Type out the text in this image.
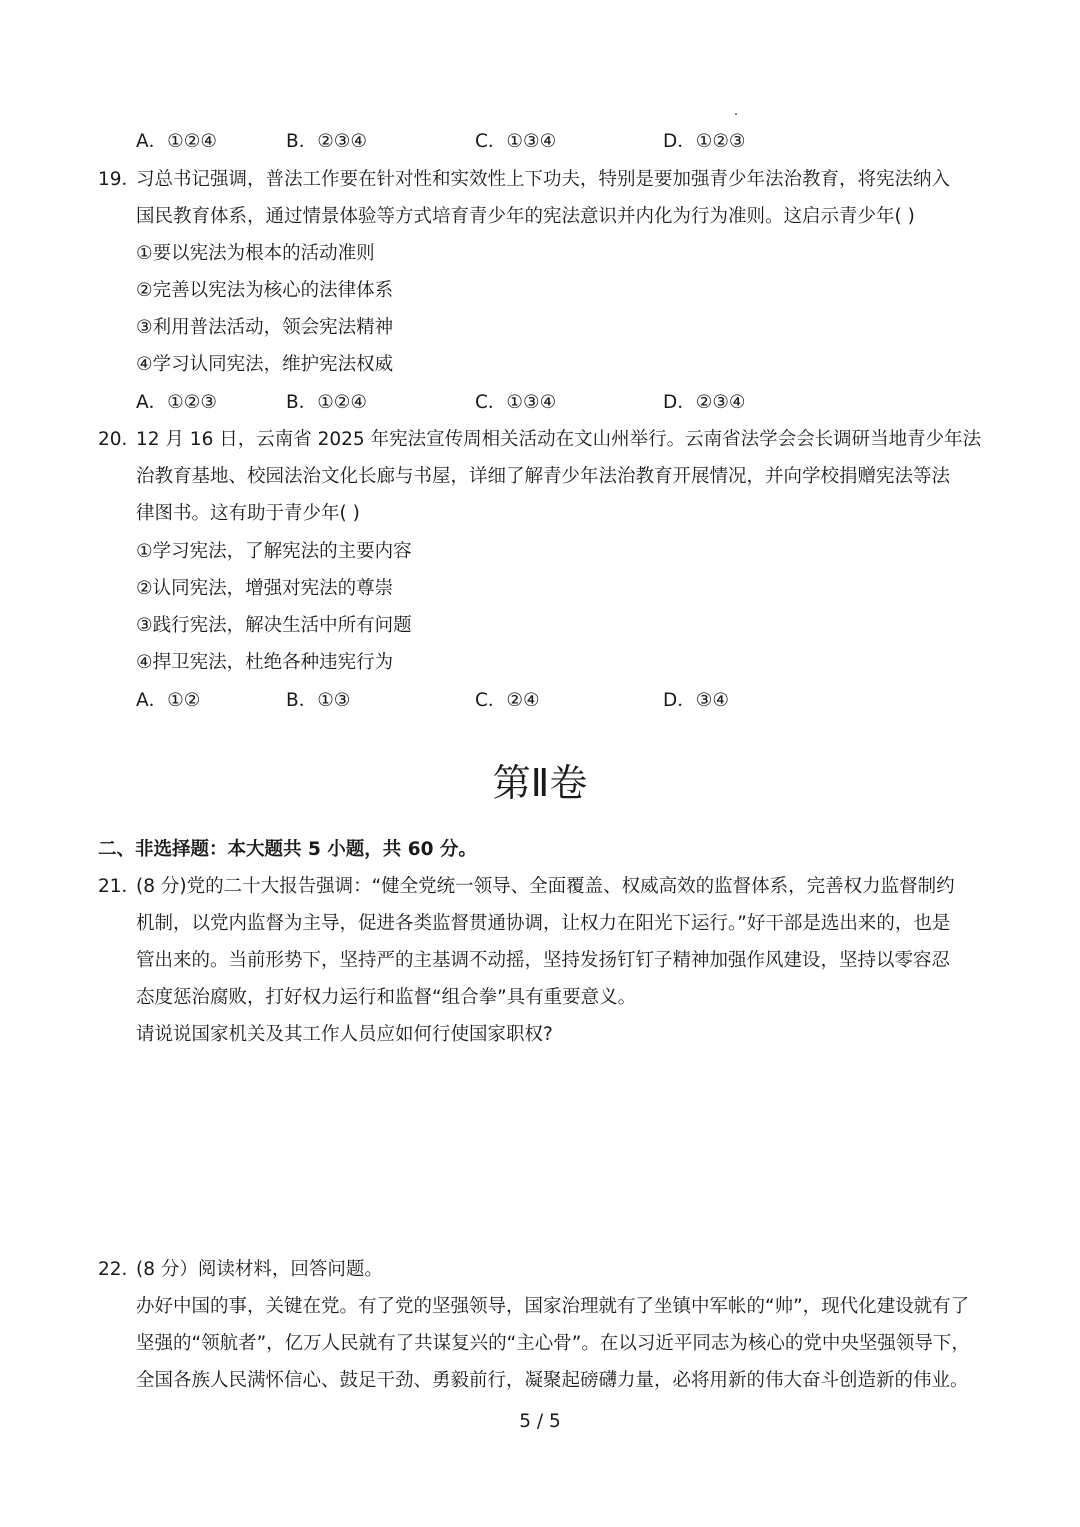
A．①②④	B．②③④	C．①③④	D．①②③
19．
习总书记强调，普法工作要在针对性和实效性上下功夫，特别是要加强青少年法治教育，将宪法纳入
国民教育体系，通过情景体验等方式培育青少年的宪法意识并内化为行为准则。这启示青少年( )
①要以宪法为根本的活动准则
②完善以宪法为核心的法律体系
③利用普法活动，领会宪法精神
④学习认同宪法，维护宪法权威
A．①②③	B．①②④	C．①③④	D．②③④
20．
12 月 16 日，云南省 2025 年宪法宣传周相关活动在文山州举行。云南省法学会会长调研当地青少年法
治教育基地、校园法治文化长廊与书屋，详细了解青少年法治教育开展情况，并向学校捐赠宪法等法
律图书。这有助于青少年( )
①学习宪法，了解宪法的主要内容
②认同宪法，增强对宪法的尊崇
③践行宪法，解决生活中所有问题
④捍卫宪法，杜绝各种违宪行为
A．①②	B．①③	C．②④	D．③④
第Ⅱ卷
二、非选择题：本大题共 5 小题，共 60 分。
21．
(8 分)党的二十大报告强调：“健全党统一领导、全面覆盖、权威高效的监督体系，完善权力监督制约
机制，以党内监督为主导，促进各类监督贯通协调，让权力在阳光下运行。”好干部是选出来的，也是
管出来的。当前形势下，坚持严的主基调不动摇，坚持发扬钉钉子精神加强作风建设，坚持以零容忍
态度惩治腐败，打好权力运行和监督“组合拳”具有重要意义。
请说说国家机关及其工作人员应如何行使国家职权?
22．
(8 分）阅读材料，回答问题。
办好中国的事，关键在党。有了党的坚强领导，国家治理就有了坐镇中军帐的“帅”，现代化建设就有了
坚强的“领航者”，亿万人民就有了共谋复兴的“主心骨”。在以习近平同志为核心的党中央坚强领导下，
全国各族人民满怀信心、鼓足干劲、勇毅前行，凝聚起磅礴力量，必将用新的伟大奋斗创造新的伟业。
5 / 5
